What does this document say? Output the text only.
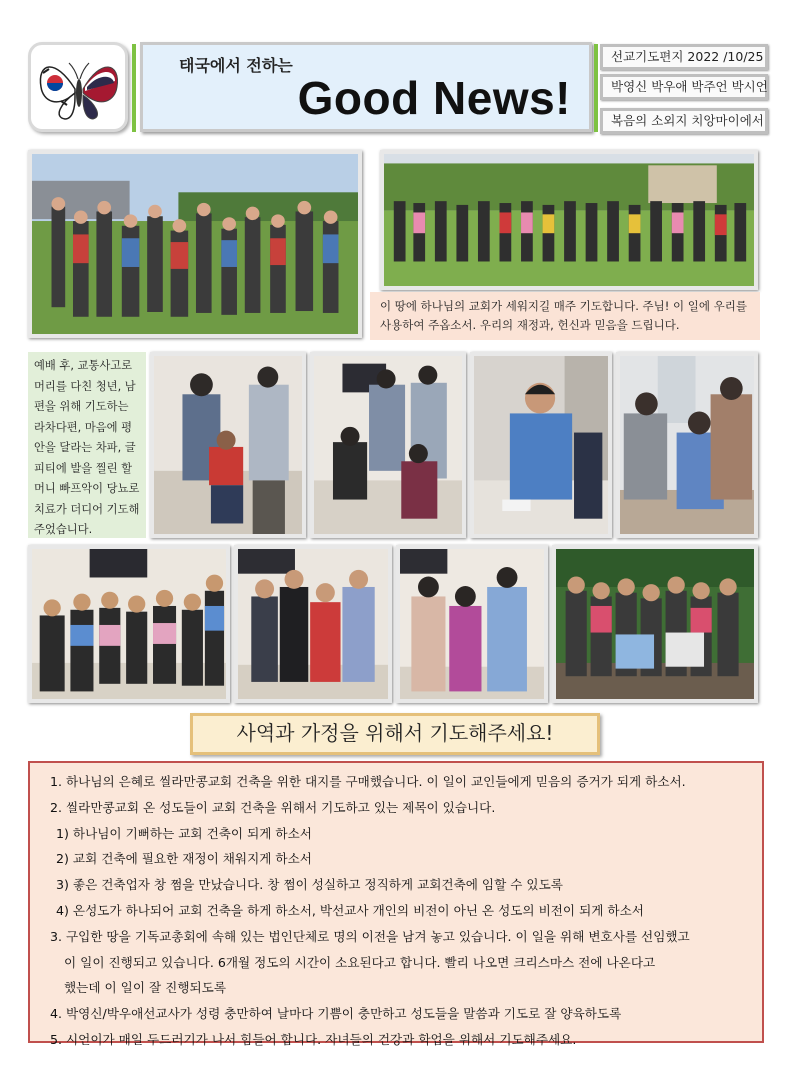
태국에서 전하는
Good News!
선교기도편지 2022 /10/25
박영신 박우애 박주언 박시언
복음의 소외지 치앙마이에서
이 땅에 하나님의 교회가 세워지길 매주 기도합니다. 주님! 이 일에 우리를 사용하여 주옵소서. 우리의 재정과, 헌신과 믿음을 드립니다.
예배 후, 교통사고로 머리를 다친 청년, 남편을 위해 기도하는 라차다편, 마음에 평안을 달라는 차파, 글피티에 발을 찔린 할머니 빠프악이 당뇨로 치료가 더디어 기도해주었습니다.
사역과 가정을 위해서 기도해주세요!
1. 하나님의 은혜로 씰라만콩교회 건축을 위한 대지를 구매했습니다. 이 일이 교인들에게 믿음의 증거가 되게 하소서.
2. 씰라만콩교회 온 성도들이 교회 건축을 위해서 기도하고 있는 제목이 있습니다.
1) 하나님이 기뻐하는 교회 건축이 되게 하소서
2) 교회 건축에 필요한 재정이 채워지게 하소서
3) 좋은 건축업자 창 쩜을 만났습니다. 창 쩜이 성실하고 정직하게 교회건축에 임할 수 있도록
4) 온성도가 하나되어 교회 건축을 하게 하소서, 박선교사 개인의 비전이 아닌 온 성도의 비전이 되게 하소서
3. 구입한 땅을 기독교총회에 속해 있는 법인단체로 명의 이전을 남겨 놓고 있습니다. 이 일을 위해 변호사를 선임했고
이 일이 진행되고 있습니다. 6개월 정도의 시간이 소요된다고 합니다. 빨리 나오면 크리스마스 전에 나온다고
했는데 이 일이 잘 진행되도록
4. 박영신/박우애선교사가 성령 충만하여 날마다 기쁨이 충만하고 성도들을 말씀과 기도로 잘 양육하도록
5. 시언이가 매일 두드러기가 나서 힘들어 합니다. 자녀들의 건강과 학업을 위해서 기도해주세요.
